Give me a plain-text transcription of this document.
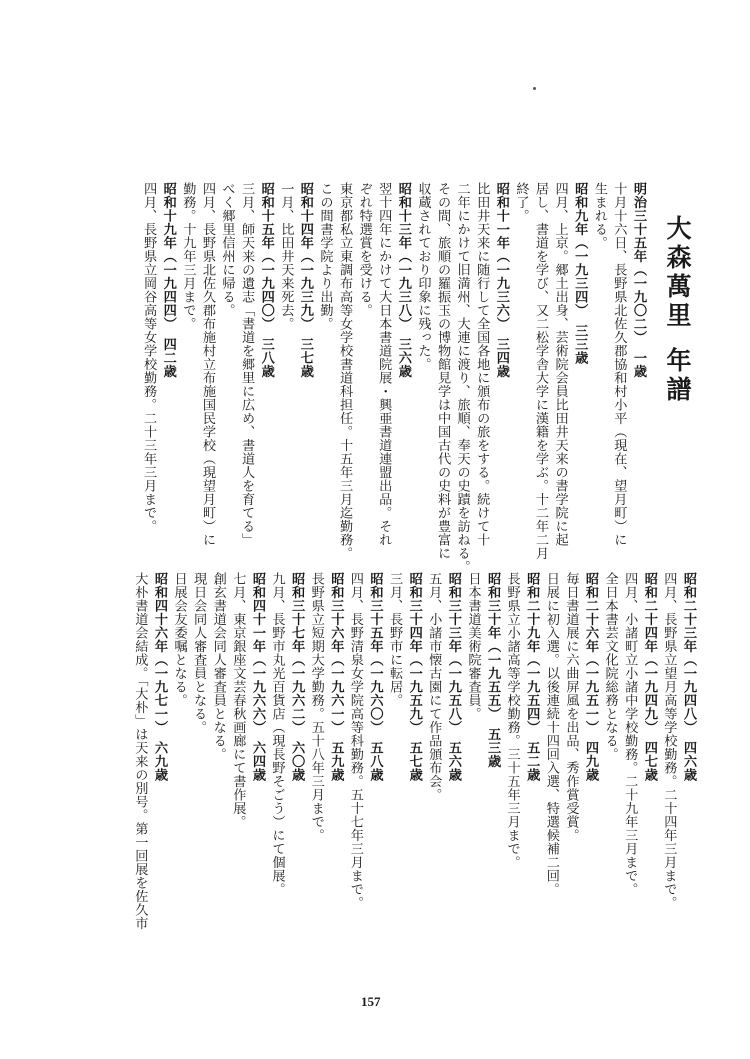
大森萬里年譜
明治三十五年（一九〇二）　一歳
十月十六日、長野県北佐久郡協和村小平（現在、望月町）に
生まれる。
昭和九年（一九三四）　三三歳
四月、上京。郷土出身、芸術院会員比田井天来の書学院に起
居し、書道を学び、又二松学舎大学に漢籍を学ぶ。十二年二月
終了。
昭和十一年（一九三六）　三四歳
比田井天来に随行して全国各地に頒布の旅をする。続けて十
二年にかけて旧満州、大連に渡り、旅順、奉天の史蹟を訪ねる。
その間、旅順の羅振玉の博物館見学は中国古代の史料が豊富に
収蔵されており印象に残った。
昭和十三年（一九三八）　三六歳
翌十四年にかけて大日本書道院展・興亜書道連盟出品。それ
ぞれ特選賞を受ける。
東京都私立東調布高等女学校書道科担任。十五年三月迄勤務。
この間書学院より出勤。
昭和十四年（一九三九）　三七歳
一月、比田井天来死去。
昭和十五年（一九四〇）　三八歳
三月、師天来の遺志「書道を郷里に広め、書道人を育てる」
べく郷里信州に帰る。
四月、長野県北佐久郡布施村立布施国民学校（現望月町）に
勤務。十九年三月まで。
昭和十九年（一九四四）　四二歳
四月、長野県立岡谷高等女学校勤務。二十三年三月まで。
昭和二十三年（一九四八）　四六歳
四月、長野県立望月高等学校勤務。二十四年三月まで。
昭和二十四年（一九四九）　四七歳
四月、小諸町立小諸中学校勤務。二十九年三月まで。
全日本書芸文化院総務となる。
昭和二十六年（一九五一）　四九歳
毎日書道展に六曲屏風を出品、秀作賞受賞。
日展に初入選。以後連続十四回入選、特選候補二回。
昭和二十九年（一九五四）　五二歳
長野県立小諸高等学校勤務。三十五年三月まで。
昭和三十年（一九五五）　五三歳
日本書道美術院審査員。
昭和三十三年（一九五八）　五六歳
五月、小諸市懐古園にて作品頒布会。
昭和三十四年（一九五九）　五七歳
三月、長野市に転居。
昭和三十五年（一九六〇）　五八歳
四月、長野清泉女学院高等科勤務。五十七年三月まで。
昭和三十六年（一九六一）　五九歳
長野県立短期大学勤務。五十八年三月まで。
昭和三十七年（一九六二）　六〇歳
九月、長野市丸光百貨店（現長野そごう）にて個展。
昭和四十一年（一九六六）　六四歳
七月、東京銀座文芸春秋画廊にて書作展。
創玄書道会同人審査員となる。
現日会同人審査員となる。
日展会友委嘱となる。
昭和四十六年（一九七一）　六九歳
大朴書道会結成。「大朴」は天来の別号。第一回展を佐久市
157
